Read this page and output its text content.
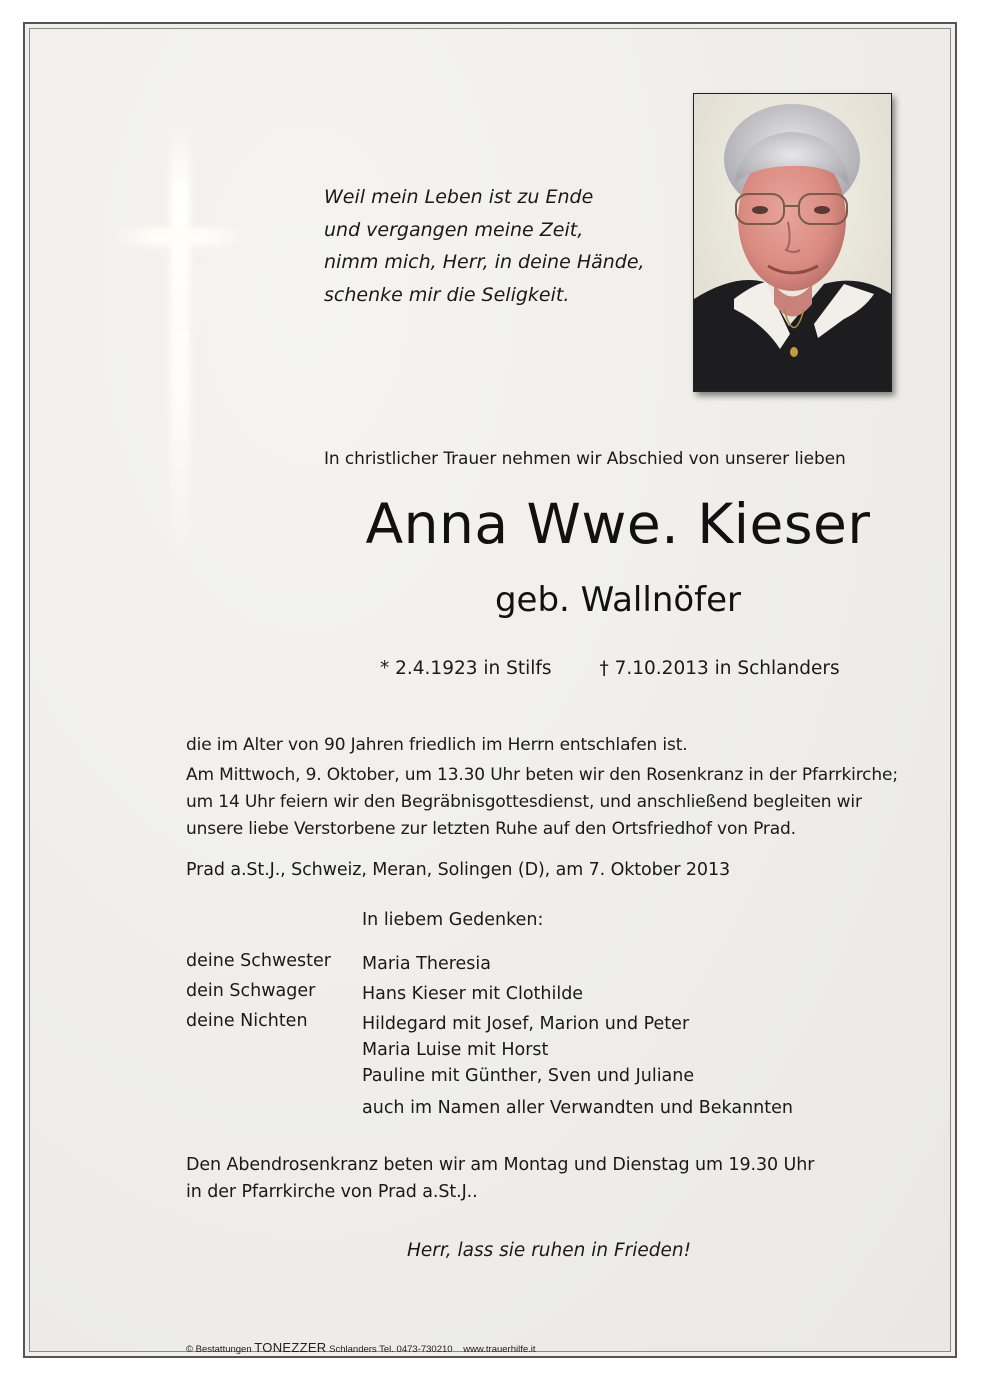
Weil mein Leben ist zu Ende
und vergangen meine Zeit,
nimm mich, Herr, in deine Hände,
schenke mir die Seligkeit.
In christlicher Trauer nehmen wir Abschied von unserer lieben
Anna Wwe. Kieser
geb. Wallnöfer
* 2.4.1923 in Stilfs	† 7.10.2013 in Schlanders

die im Alter von 90 Jahren friedlich im Herrn entschlafen ist.

Am Mittwoch, 9. Oktober, um 13.30 Uhr beten wir den Rosenkranz in der Pfarrkirche; um 14 Uhr feiern wir den Begräbnisgottesdienst, und anschließend begleiten wir unsere liebe Verstorbene zur letzten Ruhe auf den Ortsfriedhof von Prad.

Prad a.St.J., Schweiz, Meran, Solingen (D), am 7. Oktober 2013
In liebem Gedenken:
deine Schwester	Maria Theresia
dein Schwager	Hans Kieser mit Clothilde
deine Nichten	Hildegard mit Josef, Marion und Peter
Maria Luise mit Horst
Pauline mit Günther, Sven und Juliane
auch im Namen aller Verwandten und Bekannten

Den Abendrosenkranz beten wir am Montag und Dienstag um 19.30 Uhr

in der Pfarrkirche von Prad a.St.J..

Herr, lass sie ruhen in Frieden!
© Bestattungen TONEZZER Schlanders Tel. 0473-730210 www.trauerhilfe.it
